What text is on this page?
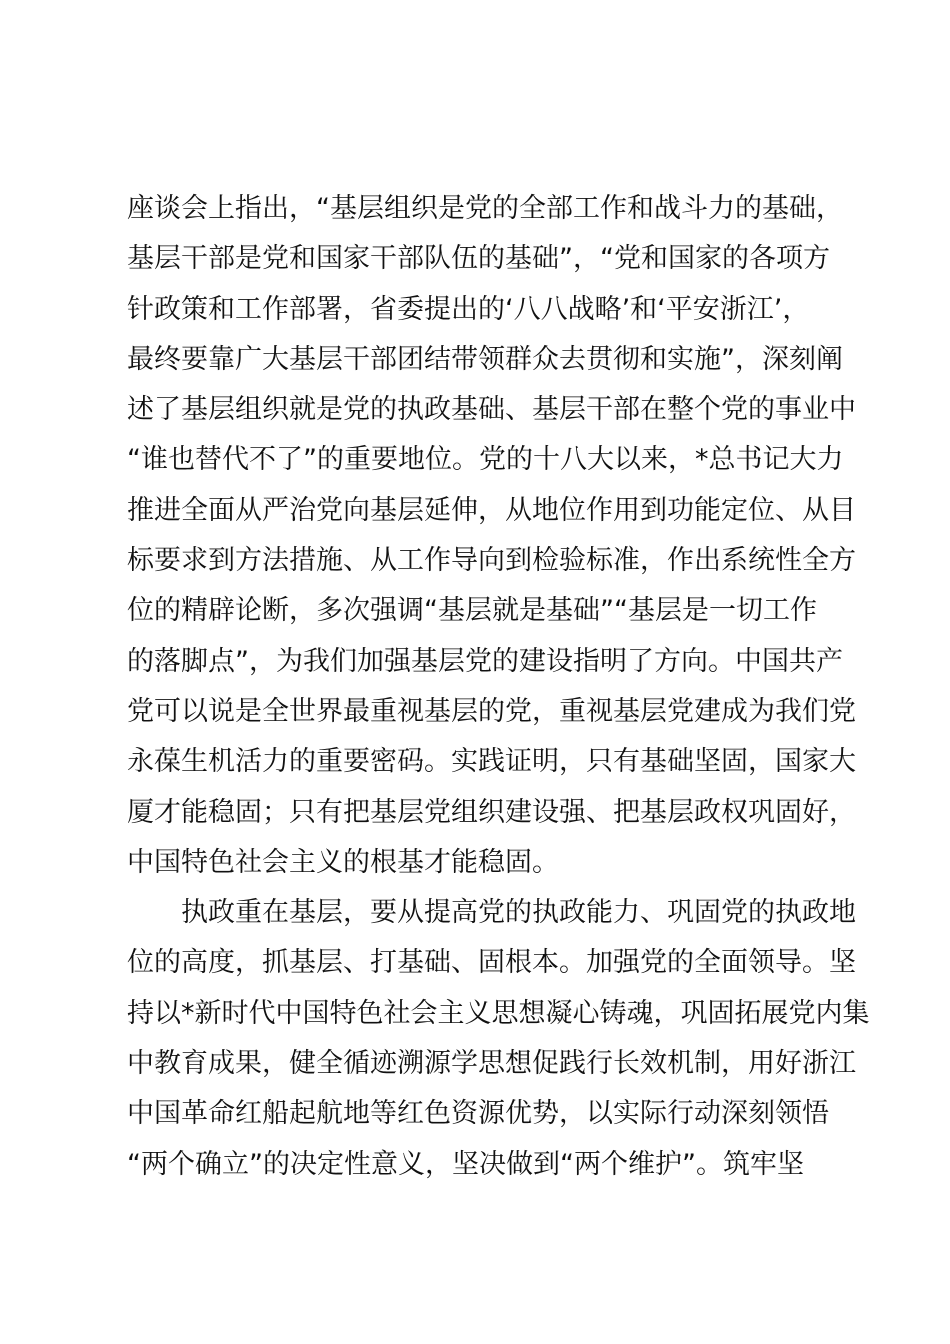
座谈会上指出，“基层组织是党的全部工作和战斗力的基础，
基层干部是党和国家干部队伍的基础”，“党和国家的各项方
针政策和工作部署，省委提出的‘八八战略’和‘平安浙江’，
最终要靠广大基层干部团结带领群众去贯彻和实施”，深刻阐
述了基层组织就是党的执政基础、基层干部在整个党的事业中
“谁也替代不了”的重要地位。党的十八大以来，*总书记大力
推进全面从严治党向基层延伸，从地位作用到功能定位、从目
标要求到方法措施、从工作导向到检验标准，作出系统性全方
位的精辟论断，多次强调“基层就是基础”“基层是一切工作
的落脚点”，为我们加强基层党的建设指明了方向。中国共产
党可以说是全世界最重视基层的党，重视基层党建成为我们党
永葆生机活力的重要密码。实践证明，只有基础坚固，国家大
厦才能稳固；只有把基层党组织建设强、把基层政权巩固好，
中国特色社会主义的根基才能稳固。
执政重在基层，要从提高党的执政能力、巩固党的执政地
位的高度，抓基层、打基础、固根本。加强党的全面领导。坚
持以*新时代中国特色社会主义思想凝心铸魂，巩固拓展党内集
中教育成果，健全循迹溯源学思想促践行长效机制，用好浙江
中国革命红船起航地等红色资源优势，以实际行动深刻领悟
“两个确立”的决定性意义，坚决做到“两个维护”。筑牢坚
